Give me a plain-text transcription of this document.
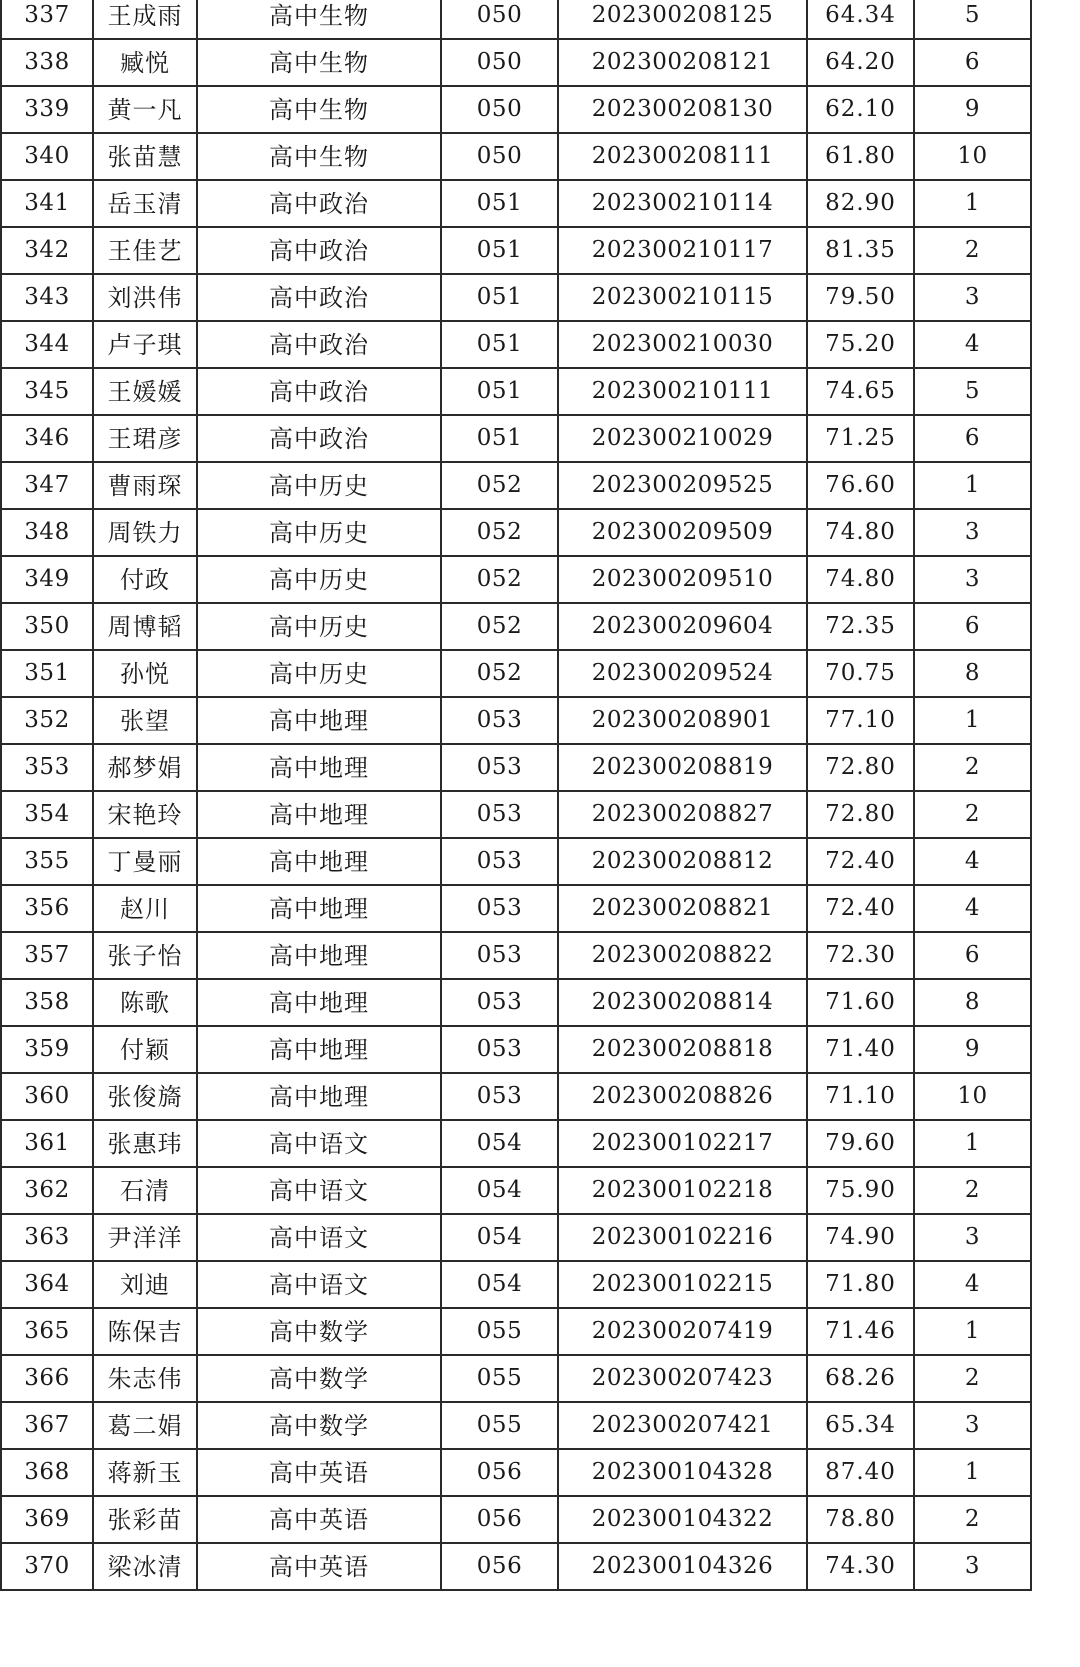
337	王成雨	高中生物	050	202300208125	64.34	5
338	臧悦	高中生物	050	202300208121	64.20	6
339	黄一凡	高中生物	050	202300208130	62.10	9
340	张苗慧	高中生物	050	202300208111	61.80	10
341	岳玉清	高中政治	051	202300210114	82.90	1
342	王佳艺	高中政治	051	202300210117	81.35	2
343	刘洪伟	高中政治	051	202300210115	79.50	3
344	卢子琪	高中政治	051	202300210030	75.20	4
345	王媛媛	高中政治	051	202300210111	74.65	5
346	王珺彦	高中政治	051	202300210029	71.25	6
347	曹雨琛	高中历史	052	202300209525	76.60	1
348	周铁力	高中历史	052	202300209509	74.80	3
349	付政	高中历史	052	202300209510	74.80	3
350	周博韬	高中历史	052	202300209604	72.35	6
351	孙悦	高中历史	052	202300209524	70.75	8
352	张望	高中地理	053	202300208901	77.10	1
353	郝梦娟	高中地理	053	202300208819	72.80	2
354	宋艳玲	高中地理	053	202300208827	72.80	2
355	丁曼丽	高中地理	053	202300208812	72.40	4
356	赵川	高中地理	053	202300208821	72.40	4
357	张子怡	高中地理	053	202300208822	72.30	6
358	陈歌	高中地理	053	202300208814	71.60	8
359	付颖	高中地理	053	202300208818	71.40	9
360	张俊旖	高中地理	053	202300208826	71.10	10
361	张惠玮	高中语文	054	202300102217	79.60	1
362	石清	高中语文	054	202300102218	75.90	2
363	尹洋洋	高中语文	054	202300102216	74.90	3
364	刘迪	高中语文	054	202300102215	71.80	4
365	陈保吉	高中数学	055	202300207419	71.46	1
366	朱志伟	高中数学	055	202300207423	68.26	2
367	葛二娟	高中数学	055	202300207421	65.34	3
368	蒋新玉	高中英语	056	202300104328	87.40	1
369	张彩苗	高中英语	056	202300104322	78.80	2
370	梁冰清	高中英语	056	202300104326	74.30	3
